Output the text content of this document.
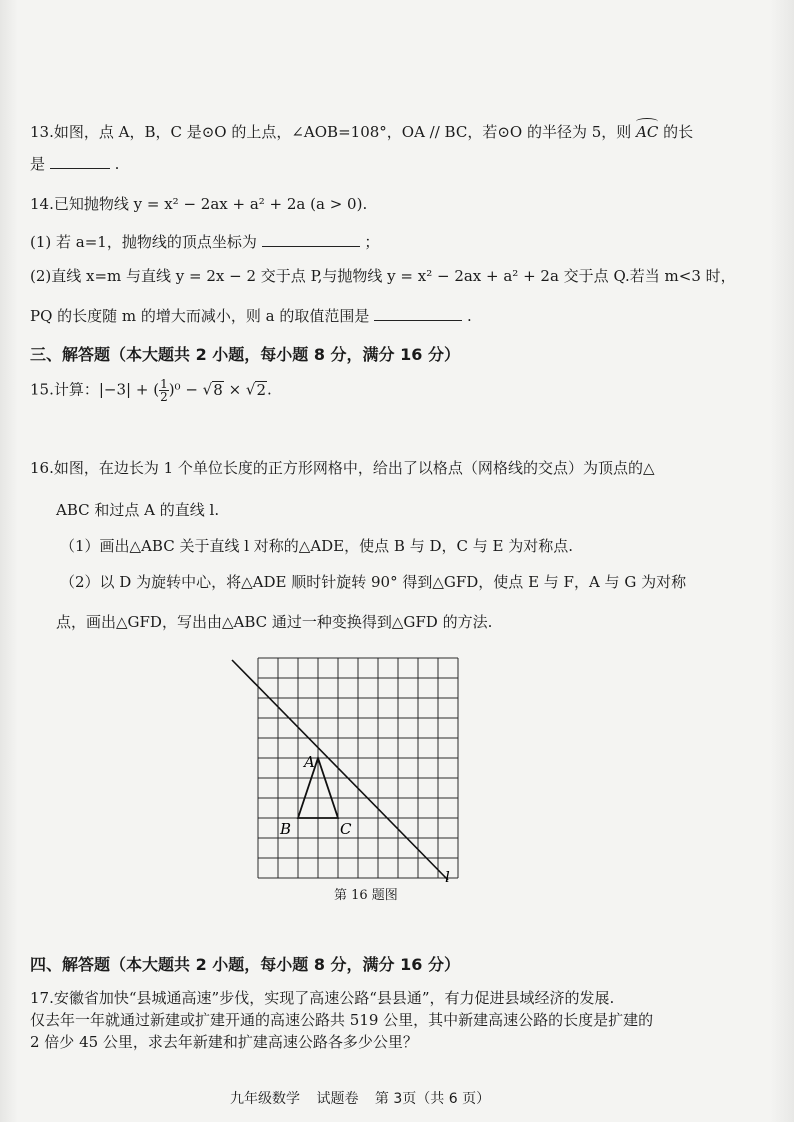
13.如图，点 A，B，C 是⊙O 的上点，∠AOB=108°，OA // BC，若⊙O 的半径为 5，则 AC 的长
是	.
14.已知抛物线 y = x² − 2ax + a² + 2a (a > 0).
(1) 若 a=1，抛物线的顶点坐标为	；
(2)直线 x=m 与直线 y = 2x − 2 交于点 P,与抛物线 y = x² − 2ax + a² + 2a 交于点 Q.若当 m<3 时，
PQ 的长度随 m 的增大而减小，则 a 的取值范围是	.
三、解答题（本大题共 2 小题，每小题 8 分，满分 16 分）
15.计算：|−3| + ( $\frac{1}{2} )^0 - √8 \times √2$.
16.如图，在边长为 1 个单位长度的正方形网格中，给出了以格点（网格线的交点）为顶点的△
ABC 和过点 A 的直线 l.
（1）画出△ABC 关于直线 l 对称的△ADE，使点 B 与 D，C 与 E 为对称点.
（2）以 D 为旋转中心，将△ADE 顺时针旋转 90° 得到△GFD，使点 E 与 F，A 与 G 为对称
点，画出△GFD，写出由△ABC 通过一种变换得到△GFD 的方法.
A
B	C
l
第 16 题图
四、解答题（本大题共 2 小题，每小题 8 分，满分 16 分）
17.安徽省加快“县城通高速”步伐，实现了高速公路“县县通”，有力促进县域经济的发展.
仅去年一年就通过新建或扩建开通的高速公路共 519 公里，其中新建高速公路的长度是扩建的
2 倍少 45 公里，求去年新建和扩建高速公路各多少公里？
九年级数学 试题卷 第 3页（共 6 页）
